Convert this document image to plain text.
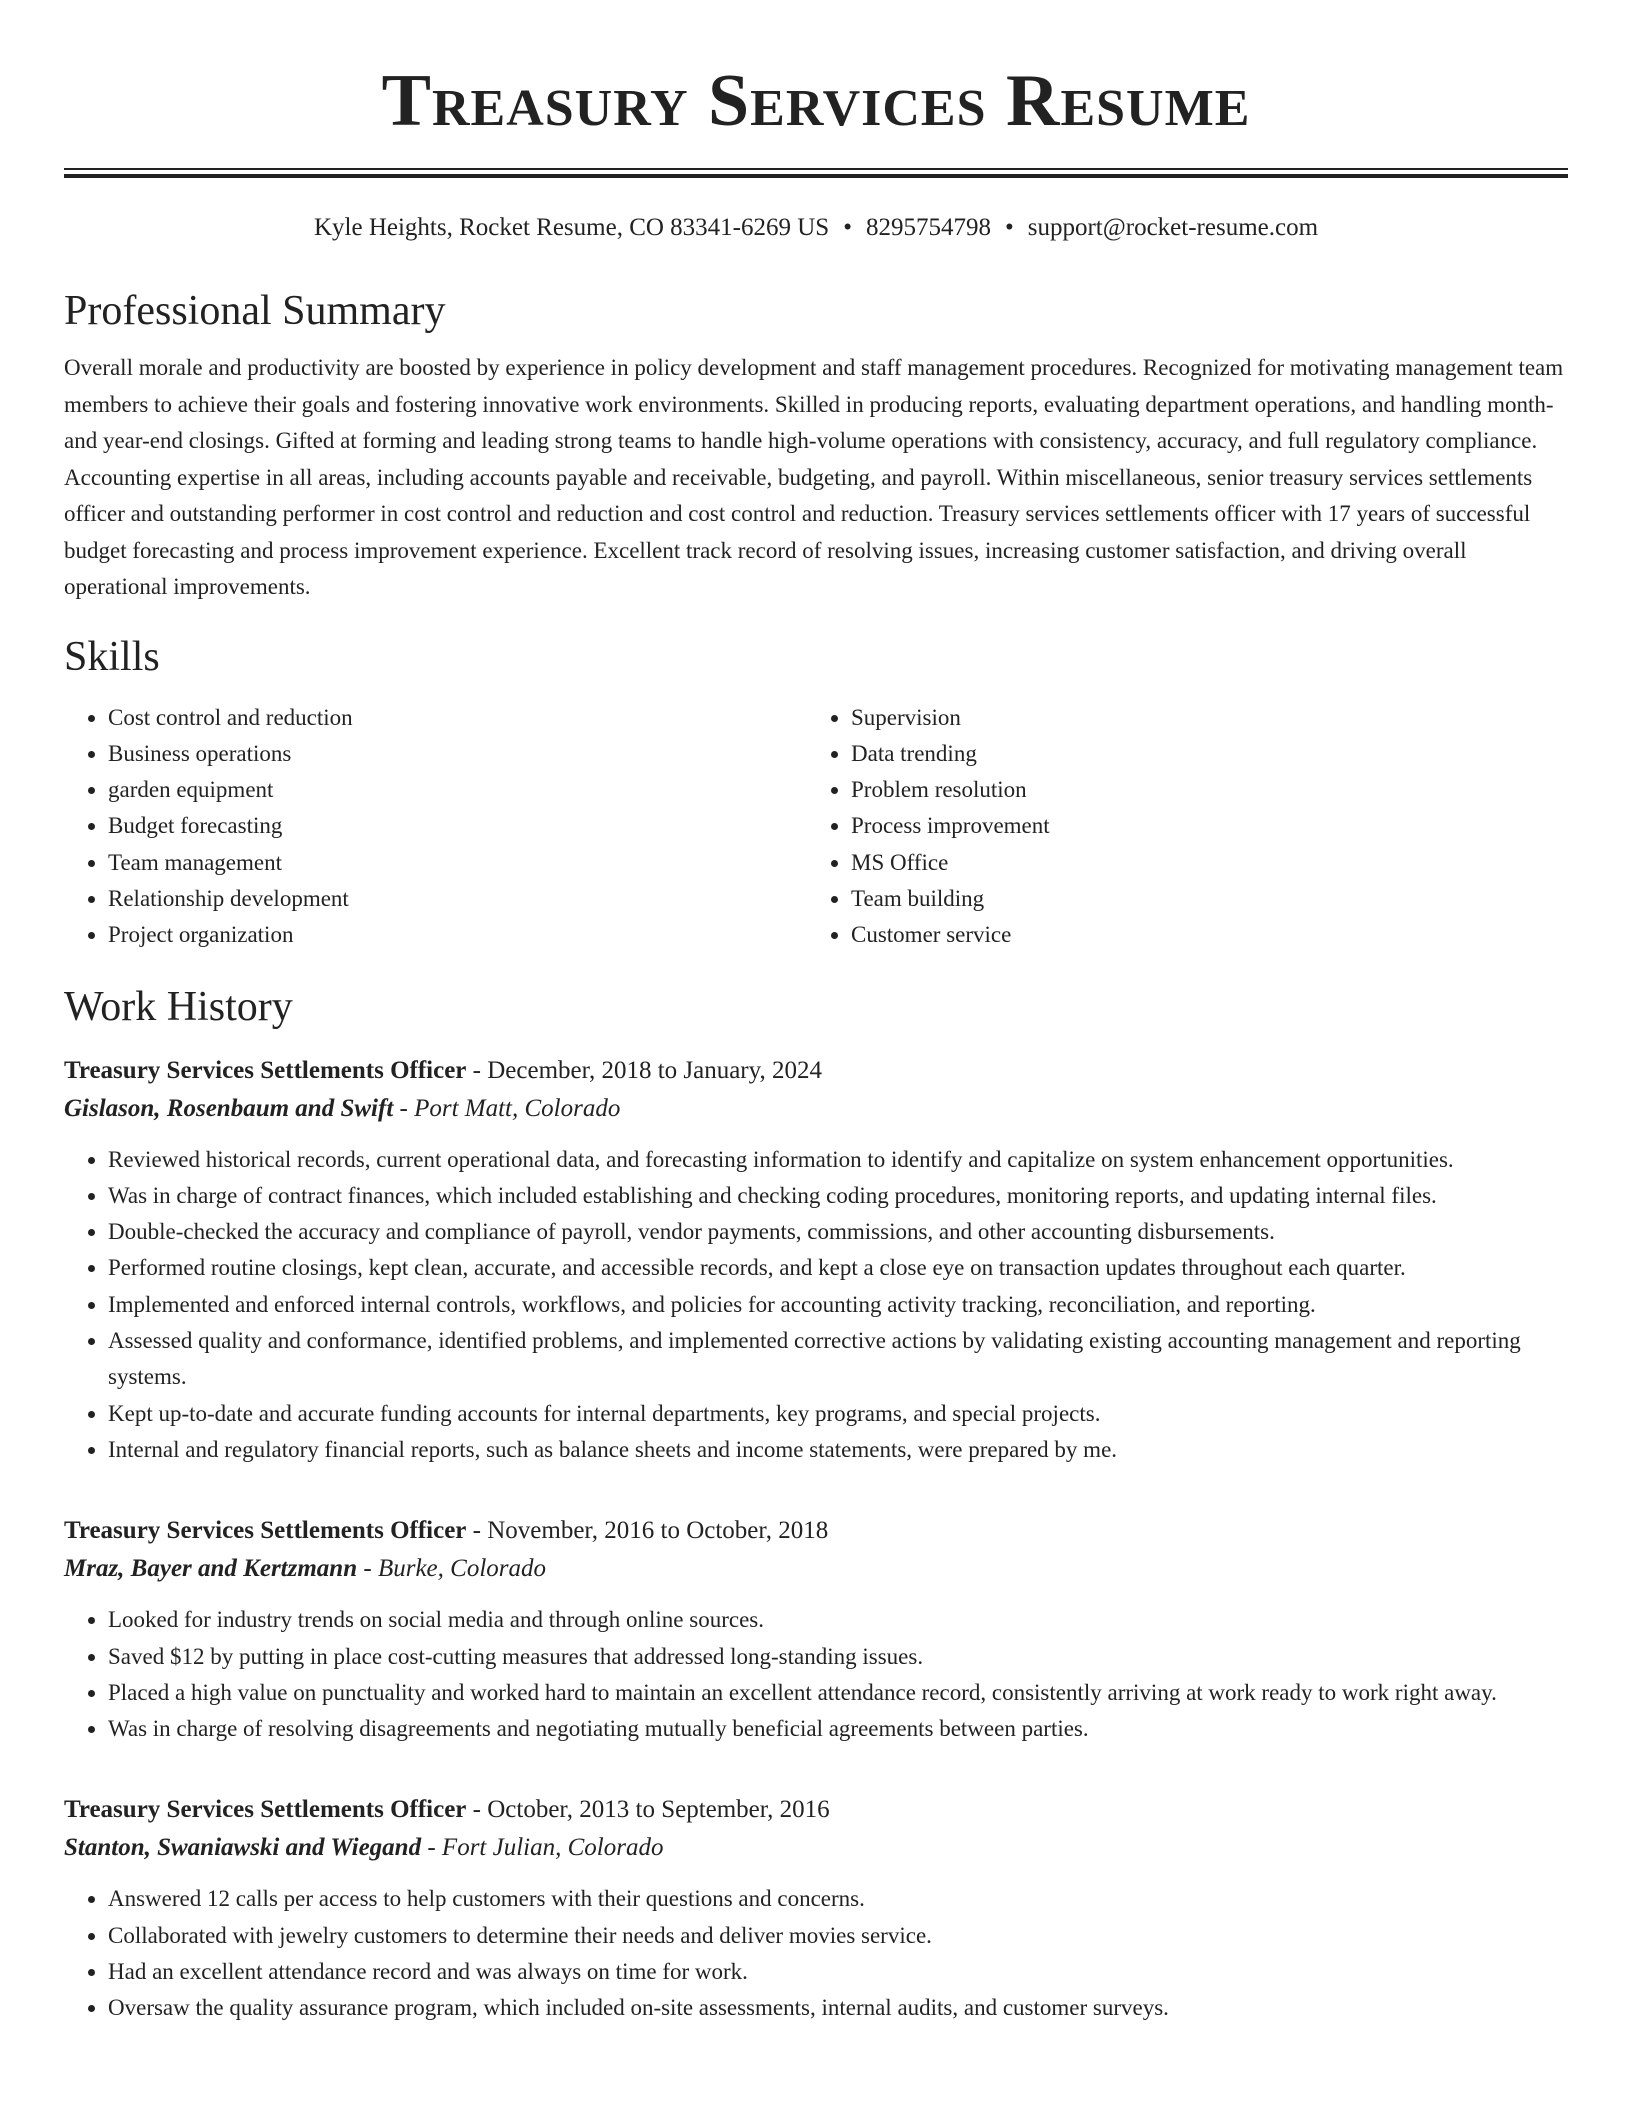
Treasury Services Resume
Kyle Heights, Rocket Resume, CO 83341-6269 US • 8295754798 • support@rocket-resume.com
Professional Summary

Overall morale and productivity are boosted by experience in policy development and staff management procedures. Recognized for motivating management team members to achieve their goals and fostering innovative work environments. Skilled in producing reports, evaluating department operations, and handling month- and year-end closings. Gifted at forming and leading strong teams to handle high-volume operations with consistency, accuracy, and full regulatory compliance. Accounting expertise in all areas, including accounts payable and receivable, budgeting, and payroll. Within miscellaneous, senior treasury services settlements officer and outstanding performer in cost control and reduction and cost control and reduction. Treasury services settlements officer with 17 years of successful budget forecasting and process improvement experience. Excellent track record of resolving issues, increasing customer satisfaction, and driving overall operational improvements.

Skills
• Cost control and reduction
• Business operations
• garden equipment
• Budget forecasting
• Team management
• Relationship development
• Project organization
• Supervision
• Data trending
• Problem resolution
• Process improvement
• MS Office
• Team building
• Customer service
Work History
Treasury Services Settlements Officer - December, 2018 to January, 2024
Gislason, Rosenbaum and Swift - Port Matt, Colorado
• Reviewed historical records, current operational data, and forecasting information to identify and capitalize on system enhancement opportunities.
• Was in charge of contract finances, which included establishing and checking coding procedures, monitoring reports, and updating internal files.
• Double-checked the accuracy and compliance of payroll, vendor payments, commissions, and other accounting disbursements.
• Performed routine closings, kept clean, accurate, and accessible records, and kept a close eye on transaction updates throughout each quarter.
• Implemented and enforced internal controls, workflows, and policies for accounting activity tracking, reconciliation, and reporting.
• Assessed quality and conformance, identified problems, and implemented corrective actions by validating existing accounting management and reporting systems.
• Kept up-to-date and accurate funding accounts for internal departments, key programs, and special projects.
• Internal and regulatory financial reports, such as balance sheets and income statements, were prepared by me.
Treasury Services Settlements Officer - November, 2016 to October, 2018
Mraz, Bayer and Kertzmann - Burke, Colorado
• Looked for industry trends on social media and through online sources.
• Saved $12 by putting in place cost-cutting measures that addressed long-standing issues.
• Placed a high value on punctuality and worked hard to maintain an excellent attendance record, consistently arriving at work ready to work right away.
• Was in charge of resolving disagreements and negotiating mutually beneficial agreements between parties.
Treasury Services Settlements Officer - October, 2013 to September, 2016
Stanton, Swaniawski and Wiegand - Fort Julian, Colorado
• Answered 12 calls per access to help customers with their questions and concerns.
• Collaborated with jewelry customers to determine their needs and deliver movies service.
• Had an excellent attendance record and was always on time for work.
• Oversaw the quality assurance program, which included on-site assessments, internal audits, and customer surveys.
